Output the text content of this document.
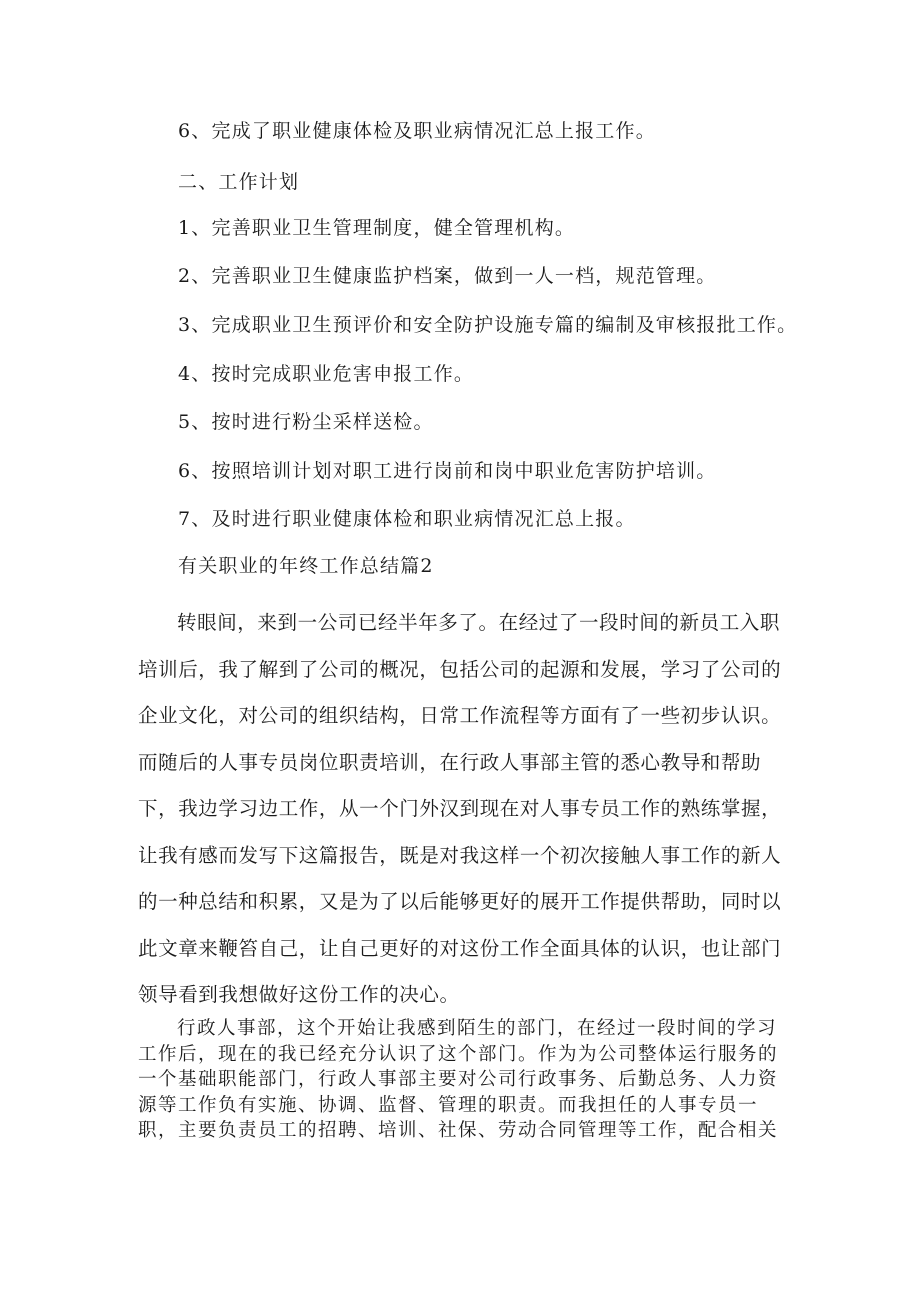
6、完成了职业健康体检及职业病情况汇总上报工作。
二、工作计划
1、完善职业卫生管理制度，健全管理机构。
2、完善职业卫生健康监护档案，做到一人一档，规范管理。
3、完成职业卫生预评价和安全防护设施专篇的编制及审核报批工作。
4、按时完成职业危害申报工作。
5、按时进行粉尘采样送检。
6、按照培训计划对职工进行岗前和岗中职业危害防护培训。
7、及时进行职业健康体检和职业病情况汇总上报。
有关职业的年终工作总结篇2

转眼间，来到一公司已经半年多了。在经过了一段时间的新员工入职培训后，我了解到了公司的概况，包括公司的起源和发展，学习了公司的企业文化，对公司的组织结构，日常工作流程等方面有了一些初步认识。而随后的人事专员岗位职责培训，在行政人事部主管的悉心教导和帮助下，我边学习边工作，从一个门外汉到现在对人事专员工作的熟练掌握，让我有感而发写下这篇报告，既是对我这样一个初次接触人事工作的新人的一种总结和积累，又是为了以后能够更好的展开工作提供帮助，同时以此文章来鞭笞自己，让自己更好的对这份工作全面具体的认识，也让部门领导看到我想做好这份工作的决心。

行政人事部，这个开始让我感到陌生的部门，在经过一段时间的学习工作后，现在的我已经充分认识了这个部门。作为为公司整体运行服务的一个基础职能部门，行政人事部主要对公司行政事务、后勤总务、人力资源等工作负有实施、协调、监督、管理的职责。而我担任的人事专员一职，主要负责员工的招聘、培训、社保、劳动合同管理等工作，配合相关
